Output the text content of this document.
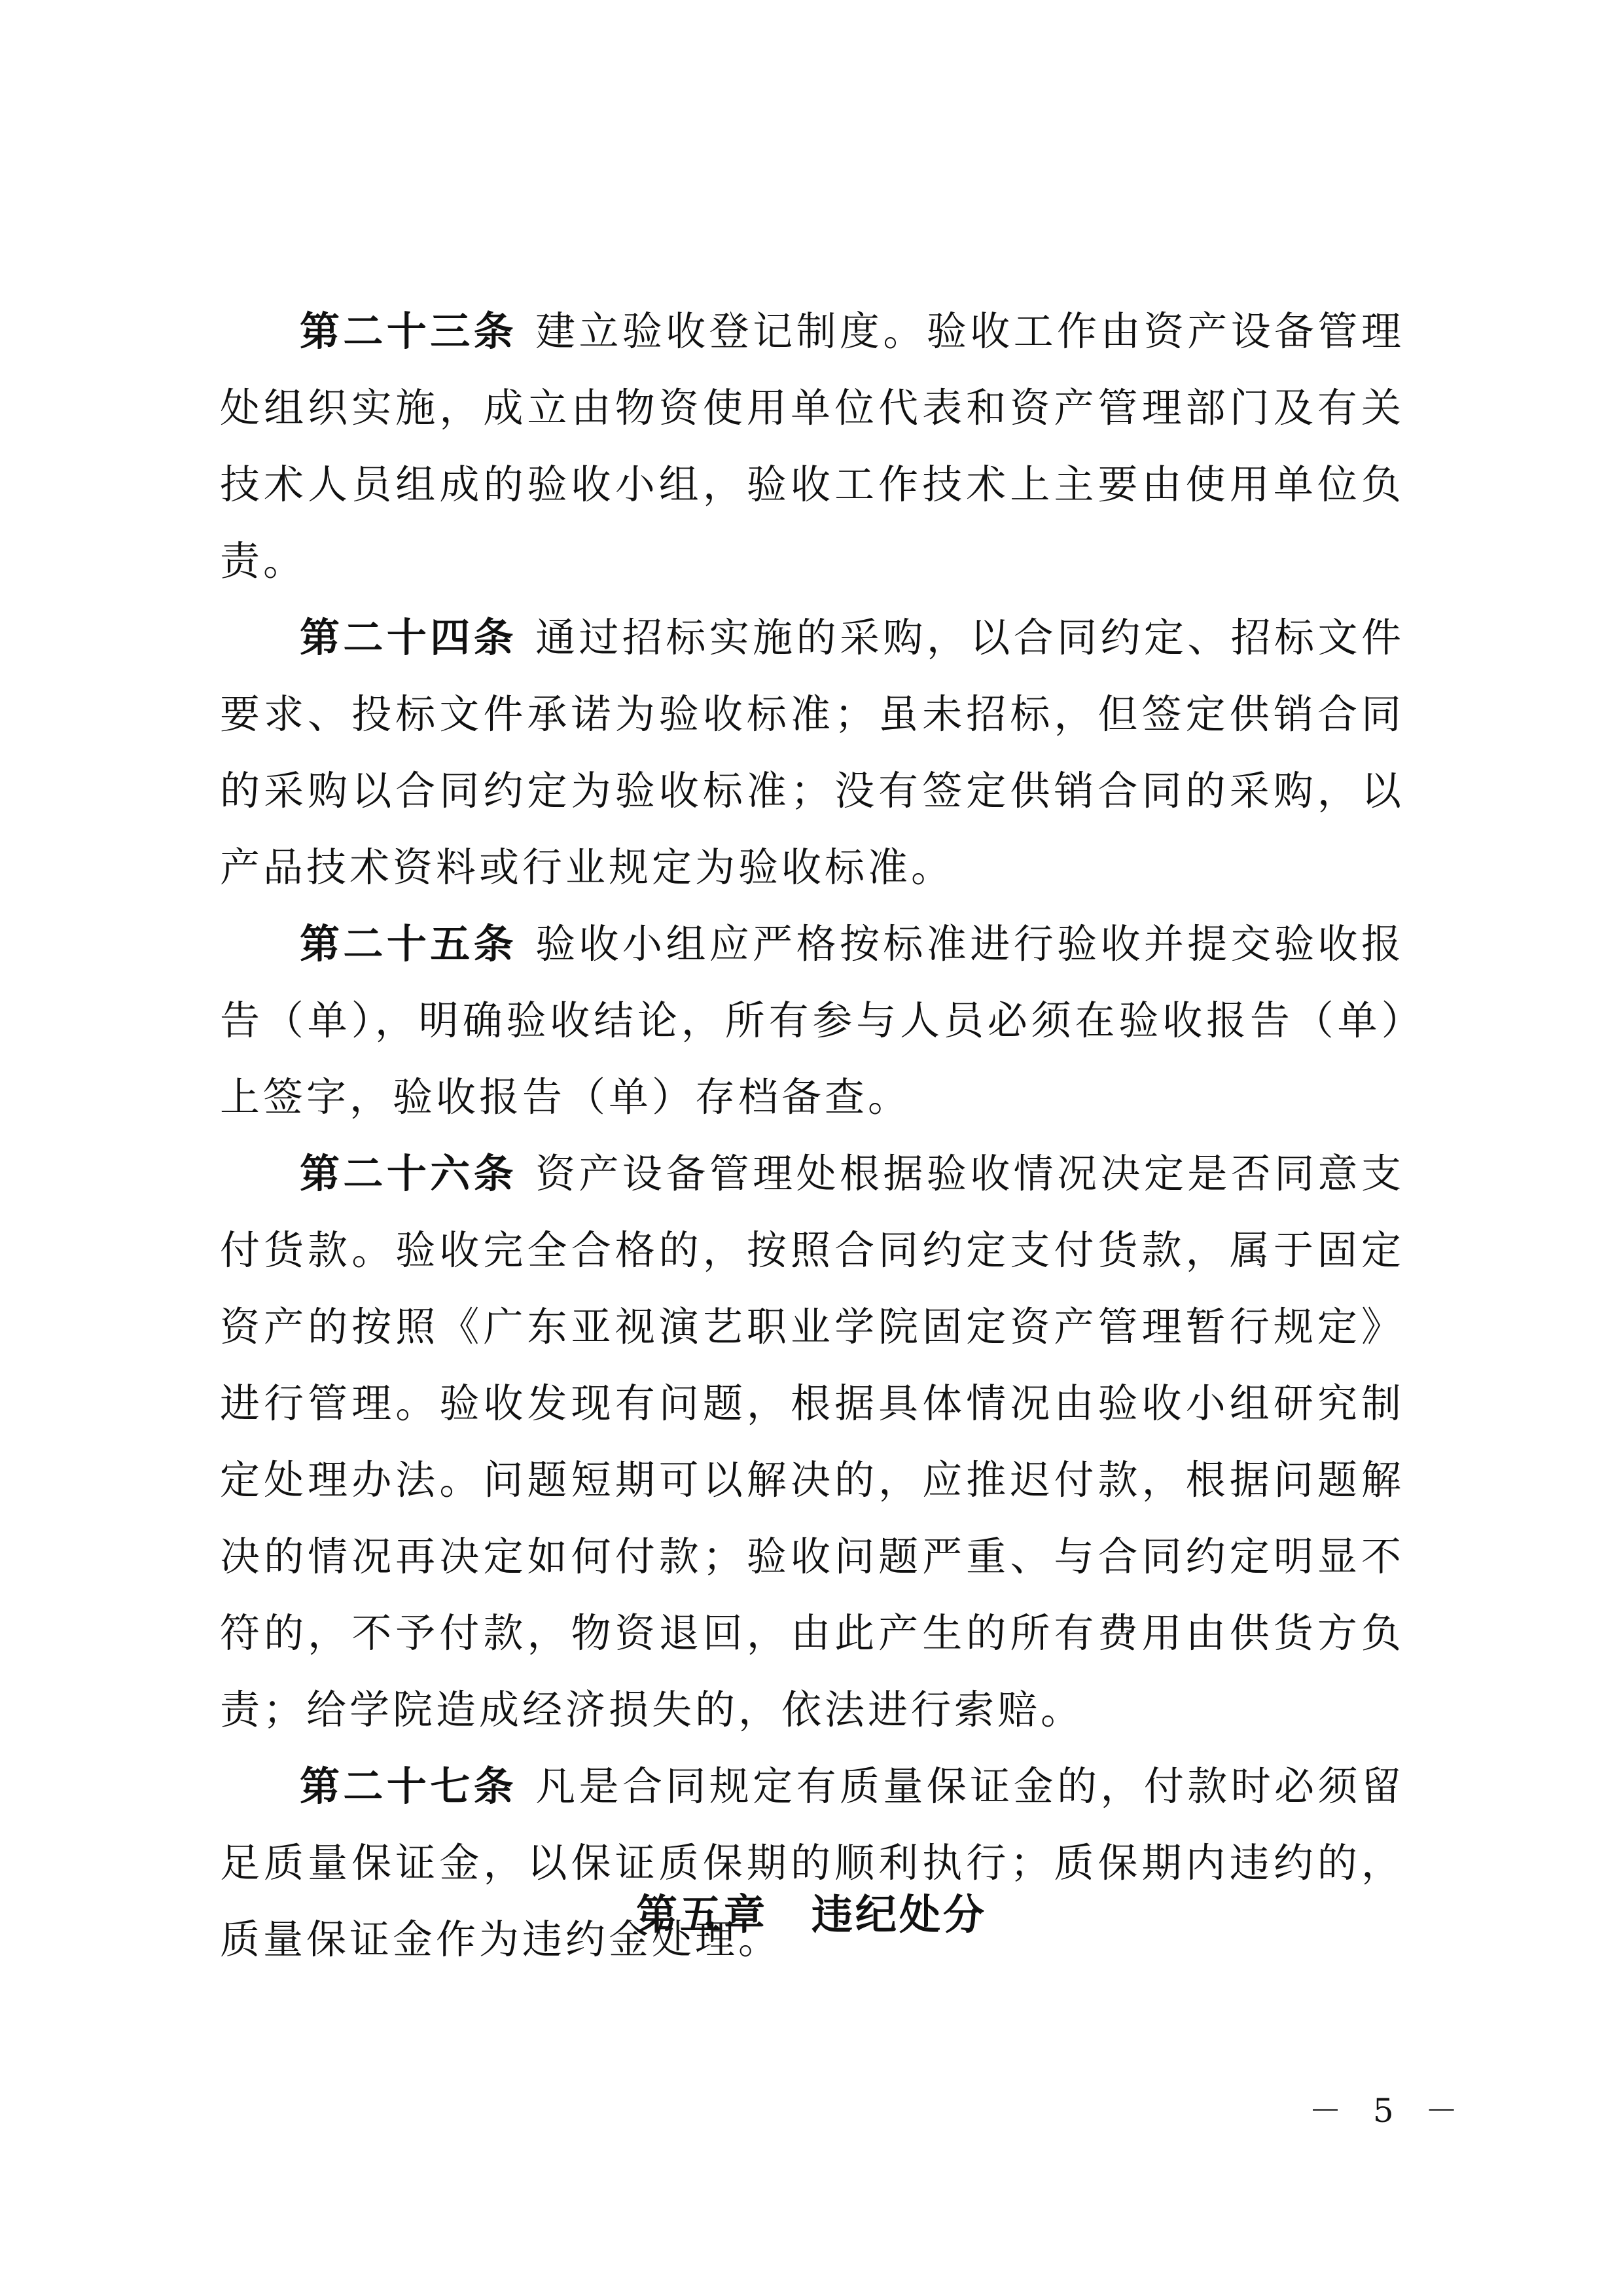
第二十三条 建立验收登记制度。验收工作由资产设备管理处组织实施，成立由物资使用单位代表和资产管理部门及有关技术人员组成的验收小组，验收工作技术上主要由使用单位负责。

第二十四条 通过招标实施的采购，以合同约定、招标文件要求、投标文件承诺为验收标准；虽未招标，但签定供销合同的采购以合同约定为验收标准；没有签定供销合同的采购，以产品技术资料或行业规定为验收标准。

第二十五条 验收小组应严格按标准进行验收并提交验收报告（单），明确验收结论，所有参与人员必须在验收报告（单）上签字，验收报告（单）存档备查。

第二十六条 资产设备管理处根据验收情况决定是否同意支付货款。验收完全合格的，按照合同约定支付货款，属于固定资产的按照《广东亚视演艺职业学院固定资产管理暂行规定》进行管理。验收发现有问题，根据具体情况由验收小组研究制定处理办法。问题短期可以解决的，应推迟付款，根据问题解决的情况再决定如何付款；验收问题严重、与合同约定明显不符的，不予付款，物资退回，由此产生的所有费用由供货方负责；给学院造成经济损失的，依法进行索赔。

第二十七条 凡是合同规定有质量保证金的，付款时必须留足质量保证金，以保证质保期的顺利执行；质保期内违约的，质量保证金作为违约金处理。

第五章　违纪处分
－ 5 －
